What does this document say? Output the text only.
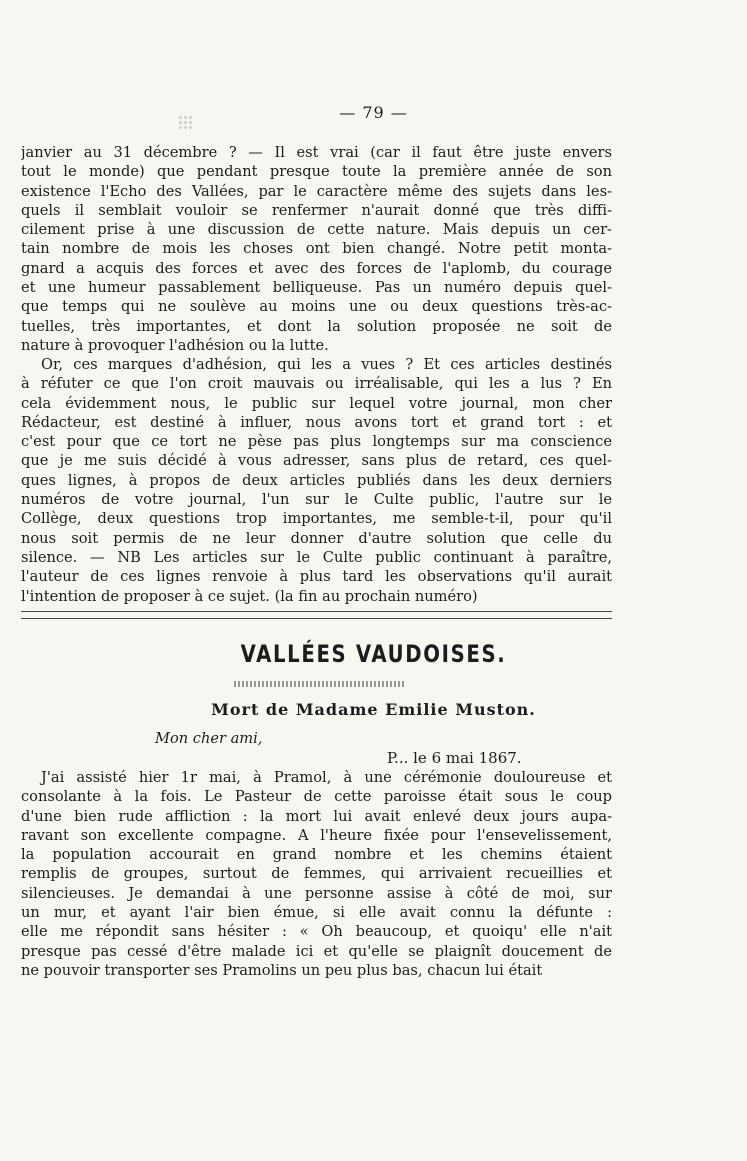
— 79 —
janvier au 31 décembre ? — Il est vrai (car il faut être juste envers
tout le monde) que pendant presque toute la première année de son
existence l'Echo des Vallées, par le caractère même des sujets dans les-
quels il semblait vouloir se renfermer n'aurait donné que très diffi-
cilement prise à une discussion de cette nature. Mais depuis un cer-
tain nombre de mois les choses ont bien changé. Notre petit monta-
gnard a acquis des forces et avec des forces de l'aplomb, du courage
et une humeur passablement belliqueuse. Pas un numéro depuis quel-
que temps qui ne soulève au moins une ou deux questions très-ac-
tuelles, très importantes, et dont la solution proposée ne soit de
nature à provoquer l'adhésion ou la lutte.
Or, ces marques d'adhésion, qui les a vues ? Et ces articles destinés
à réfuter ce que l'on croit mauvais ou irréalisable, qui les a lus ? En
cela évidemment nous, le public sur lequel votre journal, mon cher
Rédacteur, est destiné à influer, nous avons tort et grand tort : et
c'est pour que ce tort ne pèse pas plus longtemps sur ma conscience
que je me suis décidé à vous adresser, sans plus de retard, ces quel-
ques lignes, à propos de deux articles publiés dans les deux derniers
numéros de votre journal, l'un sur le Culte public, l'autre sur le
Collège, deux questions trop importantes, me semble-t-il, pour qu'il
nous soit permis de ne leur donner d'autre solution que celle du
silence. — NB Les articles sur le Culte public continuant à paraître,
l'auteur de ces lignes renvoie à plus tard les observations qu'il aurait
l'intention de proposer à ce sujet. (la fin au prochain numéro)
VALLÉES VAUDOISES.
Mort de Madame Emilie Muston.
Mon cher ami,
P... le 6 mai 1867.
J'ai assisté hier 1r mai, à Pramol, à une cérémonie douloureuse et
consolante à la fois. Le Pasteur de cette paroisse était sous le coup
d'une bien rude affliction : la mort lui avait enlevé deux jours aupa-
ravant son excellente compagne. A l'heure fixée pour l'ensevelissement,
la population accourait en grand nombre et les chemins étaient
remplis de groupes, surtout de femmes, qui arrivaient recueillies et
silencieuses. Je demandai à une personne assise à côté de moi, sur
un mur, et ayant l'air bien émue, si elle avait connu la défunte :
elle me répondit sans hésiter : « Oh beaucoup, et quoiqu' elle n'ait
presque pas cessé d'être malade ici et qu'elle se plaignît doucement de
ne pouvoir transporter ses Pramolins un peu plus bas, chacun lui était
